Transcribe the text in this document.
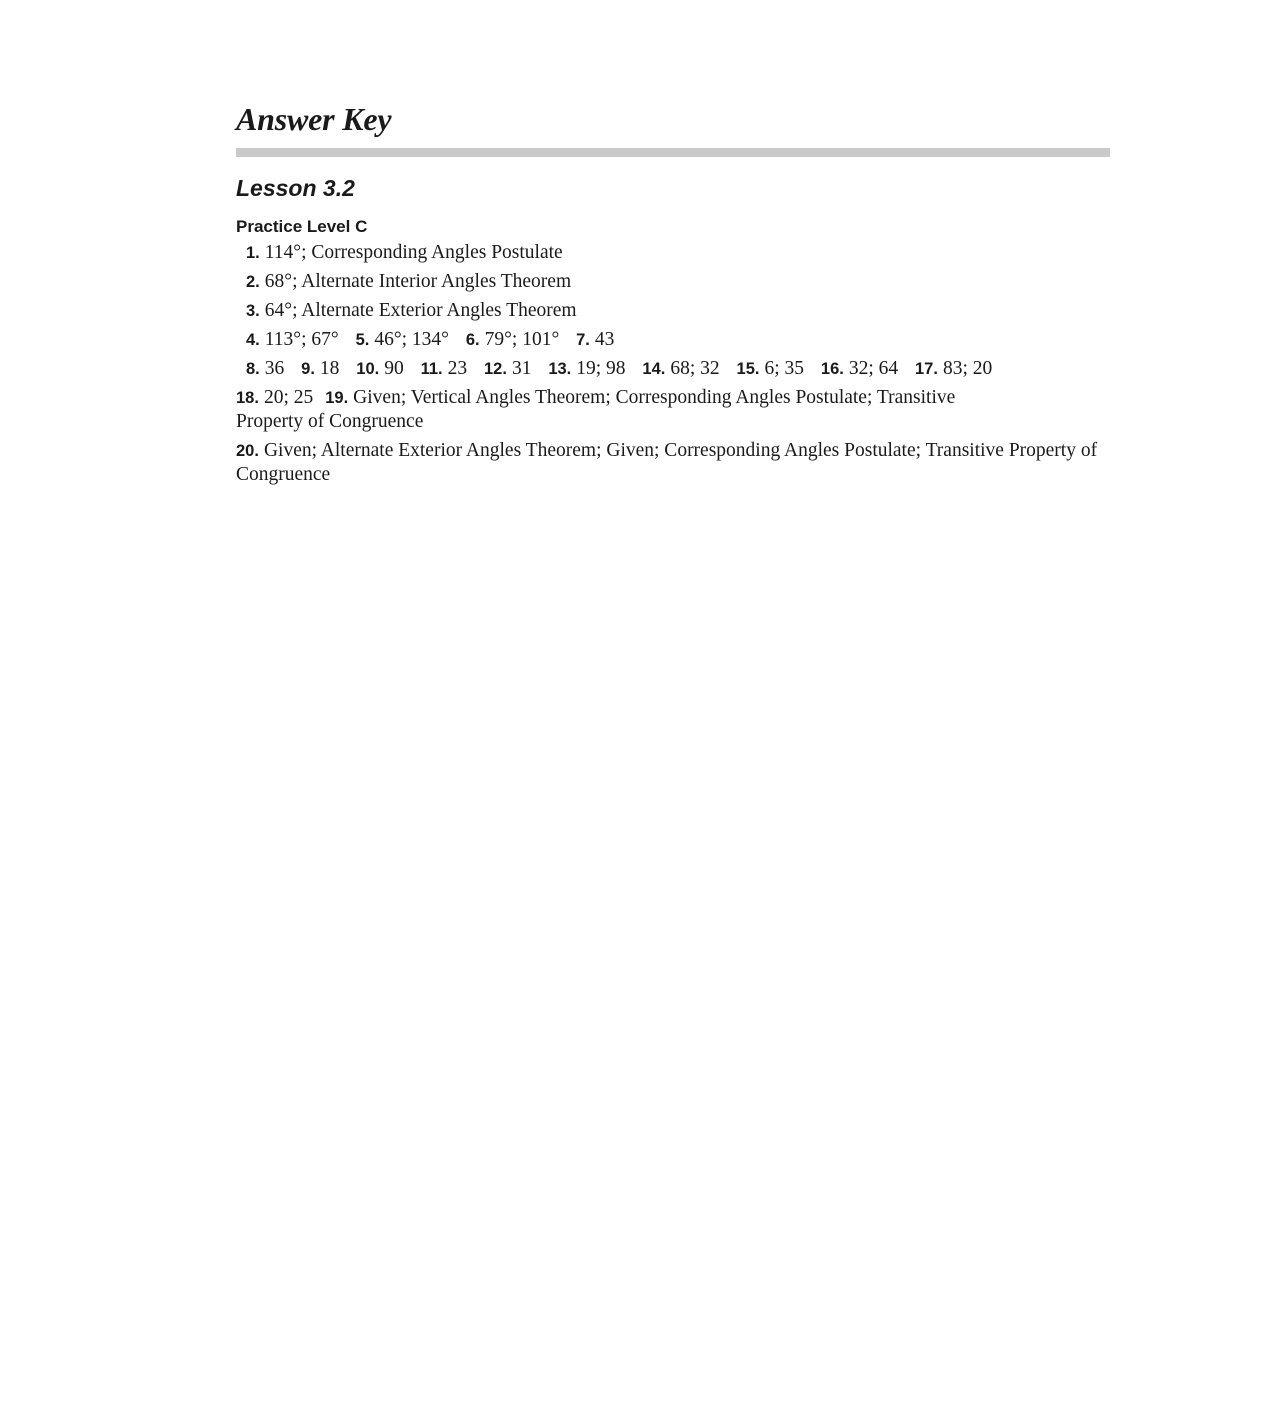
Answer Key
Lesson 3.2
Practice Level C
1. 114°; Corresponding Angles Postulate
2. 68°; Alternate Interior Angles Theorem
3. 64°; Alternate Exterior Angles Theorem
4. 113°; 67° 5. 46°; 134° 6. 79°; 101° 7. 43
8. 36 9. 18 10. 90 11. 23 12. 31 13. 19; 98 14. 68; 32 15. 6; 35 16. 32; 64 17. 83; 20
18. 20; 25 19. Given; Vertical Angles Theorem; Corresponding Angles Postulate; Transitive Property of Congruence
20. Given; Alternate Exterior Angles Theorem; Given; Corresponding Angles Postulate; Transitive Property of Congruence
